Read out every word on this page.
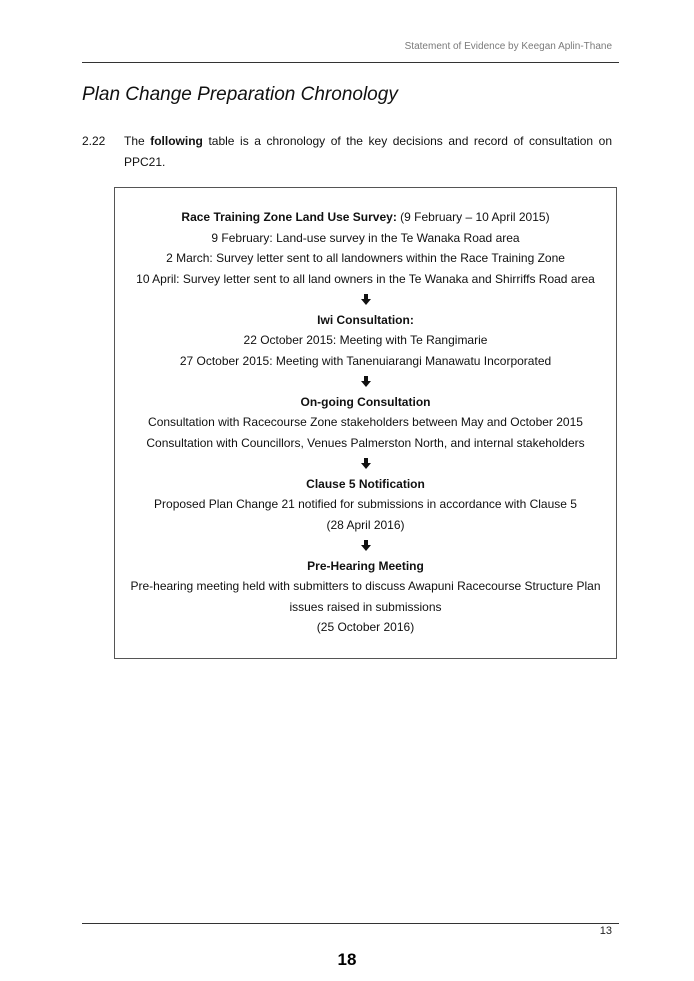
Statement of Evidence by Keegan Aplin-Thane
Plan Change Preparation Chronology
2.22 The following table is a chronology of the key decisions and record of consultation on PPC21.
Race Training Zone Land Use Survey: (9 February – 10 April 2015)
9 February: Land-use survey in the Te Wanaka Road area
2 March: Survey letter sent to all landowners within the Race Training Zone
10 April: Survey letter sent to all land owners in the Te Wanaka and Shirriffs Road area
Iwi Consultation:
22 October 2015: Meeting with Te Rangimarie
27 October 2015: Meeting with Tanenuiarangi Manawatu Incorporated
On-going Consultation
Consultation with Racecourse Zone stakeholders between May and October 2015
Consultation with Councillors, Venues Palmerston North, and internal stakeholders
Clause 5 Notification
Proposed Plan Change 21 notified for submissions in accordance with Clause 5
(28 April 2016)
Pre-Hearing Meeting
Pre-hearing meeting held with submitters to discuss Awapuni Racecourse Structure Plan
issues raised in submissions
(25 October 2016)
13
18
